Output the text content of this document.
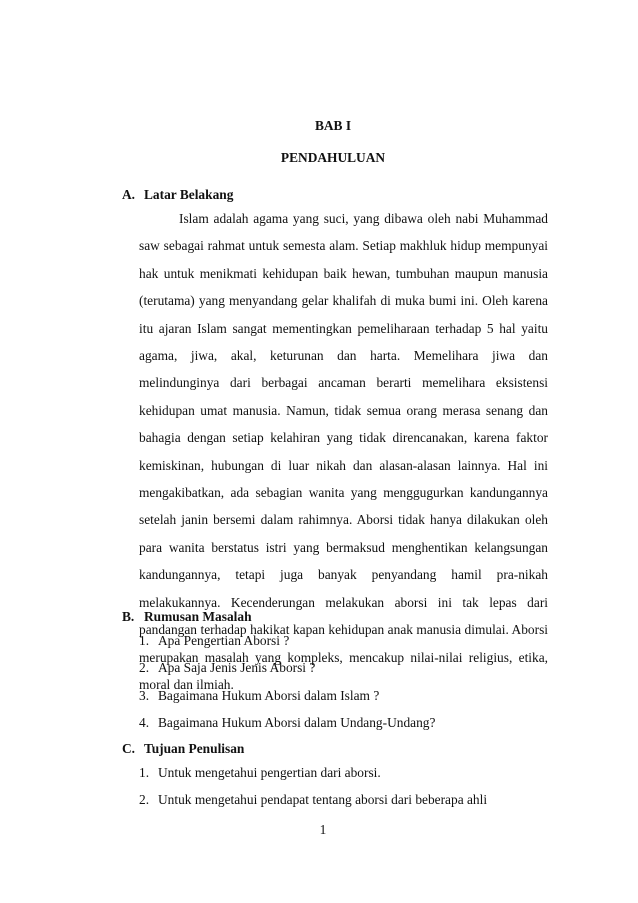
BAB I
PENDAHULUAN
A. Latar Belakang
Islam adalah agama yang suci, yang dibawa oleh nabi Muhammad saw sebagai rahmat untuk semesta alam. Setiap makhluk hidup mempunyai hak untuk menikmati kehidupan baik hewan, tumbuhan maupun manusia (terutama) yang menyandang gelar khalifah di muka bumi ini. Oleh karena itu ajaran Islam sangat mementingkan pemeliharaan terhadap 5 hal yaitu agama, jiwa, akal, keturunan dan harta. Memelihara jiwa dan melindunginya dari berbagai ancaman berarti memelihara eksistensi kehidupan umat manusia. Namun, tidak semua orang merasa senang dan bahagia dengan setiap kelahiran yang tidak direncanakan, karena faktor kemiskinan, hubungan di luar nikah dan alasan-alasan lainnya. Hal ini mengakibatkan, ada sebagian wanita yang menggugurkan kandungannya setelah janin bersemi dalam rahimnya. Aborsi tidak hanya dilakukan oleh para wanita berstatus istri yang bermaksud menghentikan kelangsungan kandungannya, tetapi juga banyak penyandang hamil pra-nikah melakukannya. Kecenderungan melakukan aborsi ini tak lepas dari pandangan terhadap hakikat kapan kehidupan anak manusia dimulai. Aborsi merupakan masalah yang kompleks, mencakup nilai-nilai religius, etika, moral dan ilmiah.
B. Rumusan Masalah
1. Apa Pengertian Aborsi ?
2. Apa Saja Jenis Jenis Aborsi ?
3. Bagaimana Hukum Aborsi dalam Islam ?
4. Bagaimana Hukum Aborsi dalam Undang-Undang?
C. Tujuan Penulisan
1. Untuk mengetahui pengertian dari aborsi.
2. Untuk mengetahui pendapat tentang aborsi dari beberapa ahli
1
